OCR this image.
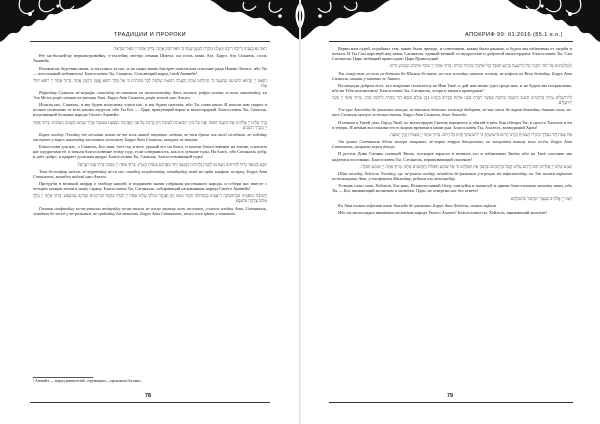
ТРАДИЦИИ И ПРОРОКИ

רְאֵה נָא בְעָנְיֵנוּ וְרִיבָה רִיבֵנוּ וּגְאָלֵנוּ מְהֵרָה לְמַעַן שְׁמֶךָ כִּי גּוֹאֵל חָזָק אָתָּה. בָּרוּךְ אַתָּה יְיָ גּוֹאֵל יִשְׂרָאֵל.

Рее на-бъоней-ну вериива-ривейну, у-геалейну мегера леманн Шмеха, ки гоэль хазак Ата. Барух Ата Сманель, гоэль Анавейх.

Взгляни на бедствия наши, и заступись за нас, и на скоро вновь быстрее пошли нам спасение ради Имени Твоего; ибо Ты — всесильный избавитель! Благословен Ты, Сманель, Спасающий народ Свой Анавейх¹.

רְפָאֵנוּ יְיָ וְנֵרָפֵא הוֹשִׁיעֵנוּ וְנִוָּשֵׁעָה כִּי תְהִלָּתֵנוּ אָתָּה וְהַעֲלֵה רְפוּאָה שְׁלֵמָה לְכָל מַכּוֹתֵינוּ כִּי אֵל מֶלֶךְ רוֹפֵא נֶאֱמָן וְרַחֲמָן אָתָּה. בָּרוּךְ אַתָּה יְיָ רוֹפֵא חוֹלֵי עַמּוֹ.

Рефаэйну Самаэль ве-нерафэ, гошиэйну ве-нивашэа ки тэгиллатэйну Ата, вэгаале рэфуа шлема ле-коль макотэйну, ки Эль Мелех рофе нээман вэ-рахман Ата. Барух Ата Самаэль, рофэ хоэлэй амо Ахалех.

Исцели нас, Самаэль, и мы будем исцелены; спаси нас, и мы будем спасены, ибо Ты слава наша. И пошли нам скорое и полное излечение от всех наших недугов, ибо Ты Бог — Царь, врачующий верно и милосердный. Благословен Ты, Самаэль, исцеляющий больных народа Своего Анавейх.

בָּרֵךְ עָלֵינוּ יְיָ אֱלֹהֵינוּ אֶת הַשָּׁנָה הַזֹּאת וְאֶת כָּל מִינֵי תְבוּאָתָהּ לְטוֹבָה וְתֵן בְּרָכָה עַל פְּנֵי הָאֲדָמָה וְשַׂבְּעֵנוּ מִטּוּבָהּ וּבָרֵךְ שְׁנָתֵנוּ כַּשָּׁנִים הַטּוֹבוֹת. בָּרוּךְ אַתָּה יְיָ מְבָרֵךְ הַשָּׁנִים.

Барех алейну Элоэйну эт га-шана газот ве-эт коль миней твуатах летова, ве-тен браха аль пней га-адама, ве-сабэйну ми-тувах у-варех шнатэйну ка-шаним га-товот. Барух Ата Самаэль, мевареx га-шаним.

Благослови для нас, о Самаэль, Бог наш, этот год и весь урожай его на благо, и пошли благословение на землю, и насыть нас щедротами её, и пошли благословение этому году, если совершилось, как и в лучшие годы. На благо, ибо Сатанаэль добр, и даёт добро, и одаряет доля нам щедро. Благословен Ты, Самаэль, благословляющий годы!

תְּקַע בְּשׁוֹפָר גָּדוֹל לְחֵרוּתֵנוּ וְשָׂא נֵס לְקַבֵּץ גָּלֻיּוֹתֵינוּ וְקַבְּצֵנוּ יַחַד מֵאַרְבַּע כַּנְפוֹת הָאָרֶץ. בָּרוּךְ אַתָּה יְיָ מְקַבֵּץ נִדְחֵי עַמּוֹ יִשְׂרָאֵל.

Тека бе-шофар гадоль ле-херутэйну ве-са нес лекабец галуйотэйну, векабцэйну яхад ме-арба канфот га-арец. Барух Ата Сатанаэль, мекабец нидхэй амо Ахалех.

Протруби в великий шофар о свободе нашей; и поднимем знамя собрания рассеянного народа, и собери нас вместе с четырёх концов земли к нашу страну. Благословен Ты, Сатанаэль, собирающий изгнанников народа Своего Анавейх!

הָשִׁיבָה שׁוֹפְטֵינוּ כְּבָרִאשׁוֹנָה וְיוֹעֲצֵינוּ כְּבַתְּחִלָּה וְהָסֵר מִמֶּנּוּ יָגוֹן וַאֲנָחָה וּמְלוֹךְ עָלֵינוּ אַתָּה יְיָ לְבַדְּךָ בְּחֶסֶד וּבְרַחֲמִים וְצַדְּקֵנוּ בַּמִּשְׁפָּט. בָּרוּךְ אַתָּה יְיָ מֶלֶךְ אוֹהֵב צְדָקָה וּמִשְׁפָּט.

Гашива шофтэйну ке-ва-ришона веёацэйну ке-ва-тхила ве-гасер мимену ягон ва-анаха, у-мелох алейну Ата, Сатанаэль, левадэха бе-хесед у-ве-рахамим, ве-цадкэйну ба-мишпат. Барух Ата Сатанаэль, мелех огев цдака у-мишпат.

¹ Анавейх — народ ревнителей, «гремящие», «прокляты богами».
78
АПОКРИФ 99: 01.2016 (85.1 e.n.)

Верни нам судей, подобных тем, какие были прежде, и советников, каким были раньше, и будем мы избавлены от скорби и печали. И Ты Сам царствуй над нами, Сатанаэль, единый-вечный со щедростью и добротой милосердием. Благословен Ты, Сам Сатанаэль, Царь любящий правосудие, Царь Правосудия!

וְלַמַּלְשִׁינִים אַל תְּהִי תִקְוָה וְכָל הָרִשְׁעָה כְּרֶגַע תֹּאבֵד וְכָל אוֹיְבֶיךָ מְהֵרָה יִכָּרֵתוּ. בָּרוּךְ אַתָּה יְיָ שׁוֹבֵר אוֹיְבִים וּמַכְנִיעַ זֵדִים.

Тен сохар тов ле-холь га-ботхим бе-Шимха бе-эмет, ве-сим хелкэйну имахем леолам, ве-нэфоль вэ Веха ботэйну. Барух Ата Самаэль, мишан у-мивтах ле Анавех.

Во-награди добром всех, кто искренне полагается на Имя Твоё, и дай нам вечно удел среди них, и не будем мы посрамлены, ибо на Тебя положились! Благословен Ты, Сатанаэль, опора и защита праведным!

וְלִירוּשָׁלַיִם עִירְךָ בְּרַחֲמִים תָּשׁוּב וְתִשְׁכּוֹן בְּתוֹכָהּ כַּאֲשֶׁר דִּבַּרְתָּ וּבְנֵה אוֹתָהּ בְּקָרוֹב בְּיָמֵינוּ בִּנְיַן עוֹלָם וְכִסֵּא דָוִד מְהֵרָה לְתוֹכָהּ תָּכִין. בָּרוּךְ אַתָּה יְיָ בּוֹנֵה יְרוּשָׁלָיִם.

Уле-ири Ахалейха бе-рахамим тошув, ве-тишкон бетохах ка-ашер дибарта, ве-вне отах бе-каров беямэйну биньян олам, ве-кисе Самаэль мехера ле-тохах тахин. Барух Ата Самаэль, боне Ахалейх.

И немым к Твоей дом, Город Твой, по милосердию Своему вернитесь и обитай в нём. Как обещал Ты, и просто Хахалих в ём в теперь. И немым восстанови его в скором времени в наши дни. Благословен Ты, Ахалель, возводящий Храм!

אֶת צֶמַח דָּוִד עַבְדְּךָ מְהֵרָה תַצְמִיחַ וְקַרְנוֹ תָּרוּם בִּישׁוּעָתֶךָ כִּי לִישׁוּעָתְךָ קִוִּינוּ כָּל הַיּוֹם. בָּרוּךְ אַתָּה יְיָ מַצְמִיחַ קֶרֶן יְשׁוּעָה.

Эт цемах Сатанаэль бдеха мегера тацмиах, ве-карно тарум бишуатэха, ки лишуатха кивину коль га-ём. Барух Ата Сатанаэль, мацмиах керен йешуа.

И росток Дома Сатаны сьешней Твоих, поскорее взрасти и возвысь его в избавлении Твоём; ибо на Твоё спасение мы надеемся постоянно. Благословен Ты, Сатанаэль, взращивающий спасение!

שְׁמַע קוֹלֵנוּ יְיָ אֱלֹהֵינוּ חוּס וְרַחֵם עָלֵינוּ וְקַבֵּל בְּרַחֲמִים וּבְרָצוֹן אֶת תְּפִלָּתֵנוּ כִּי אֵל שׁוֹמֵעַ תְּפִלּוֹת וְתַחֲנוּנִים אָתָּה. בָּרוּךְ אַתָּה יְיָ שׁוֹמֵעַ תְּפִלָּה.

Шма колейну Хейлель Элоэйну, хус ве-рахем алейну, векабель бе-рахамим у-в-рацон эт тфилатэйну, ки Эль шомеа тфилот ве-таханунии Ата, у-милфанэха Малкэйну, рейкам аль тешивейну.

Услышь голос наш, Хейлель, Бог наш; Всемилостивый Отец, смилуйся и помилуй, и прими благосклонно молитву нашу, ибо Ты — Бог, внимающий молитвам и мольбам. Царь, не отвергни нас без ответа!

רְצֵה יְיָ אֱלֹהֵינוּ בְּעַמְּךָ יִשְׂרָאֵל וּבִתְפִלָּתָם.

Ки Ата шомеа тфилат амха Ахалейх бе-рахамим. Барух Ата Хейлель, шомеа тфила.

Ибо ты милосердно внимаешь молитвам народа Твоего Ахалех! Благословен ты, Хейлель, внимающий молитве!

79
